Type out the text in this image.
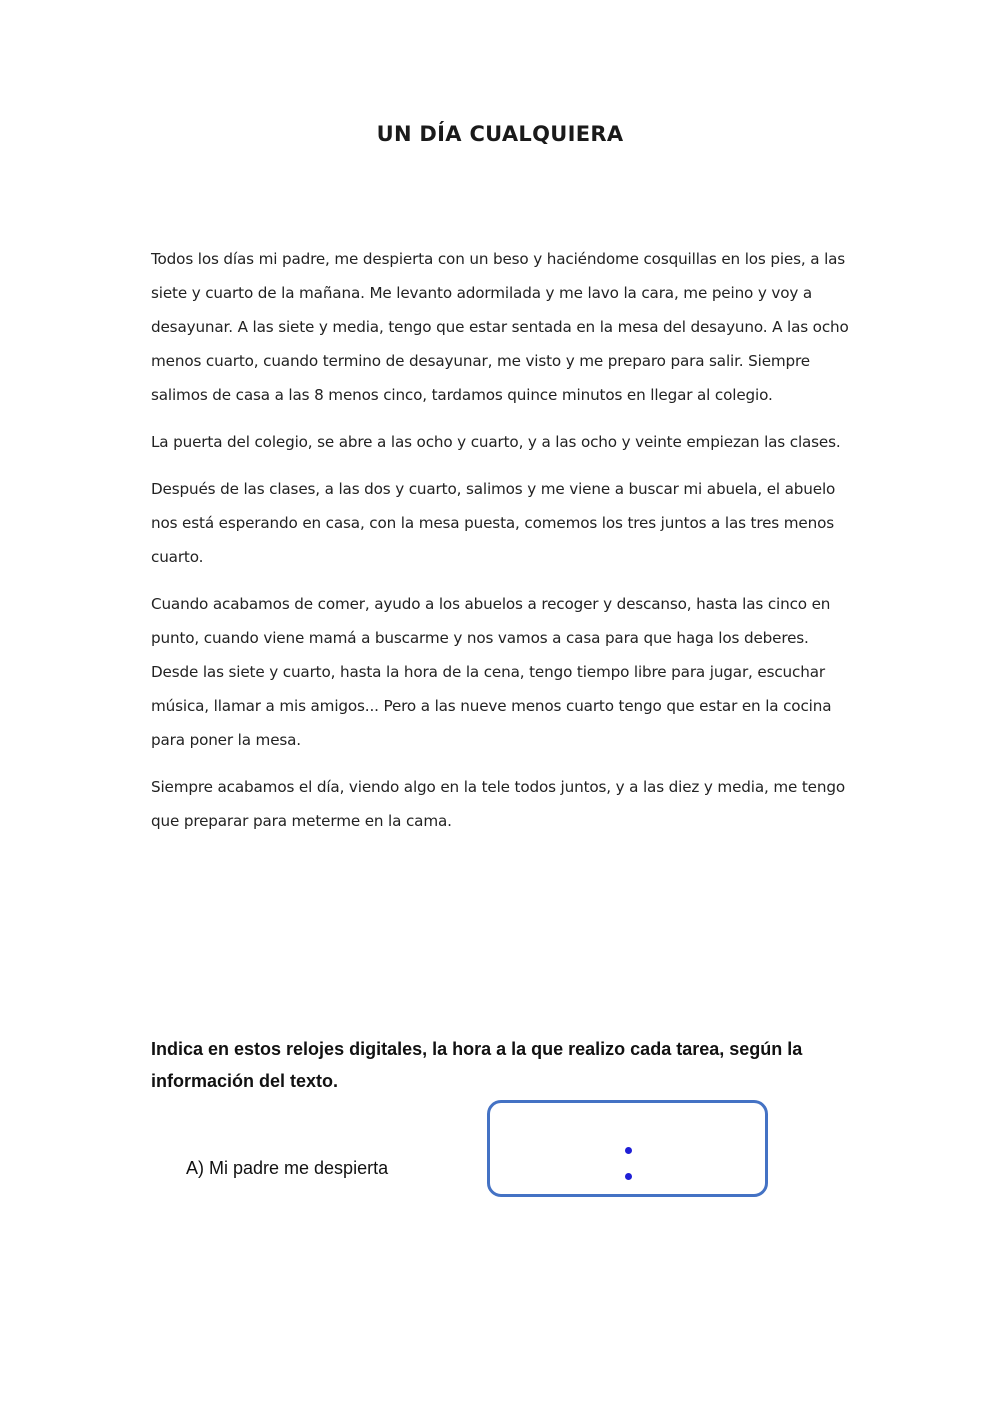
UN DÍA CUALQUIERA

Todos los días mi padre, me despierta con un beso y haciéndome cosquillas en los pies, a las siete y cuarto de la mañana. Me levanto adormilada y me lavo la cara, me peino y voy a desayunar. A las siete y media, tengo que estar sentada en la mesa del desayuno. A las ocho menos cuarto, cuando termino de desayunar, me visto y me preparo para salir. Siempre salimos de casa a las 8 menos cinco, tardamos quince minutos en llegar al colegio.

La puerta del colegio, se abre a las ocho y cuarto, y a las ocho y veinte empiezan las clases.

Después de las clases, a las dos y cuarto, salimos y me viene a buscar mi abuela, el abuelo nos está esperando en casa, con la mesa puesta, comemos los tres juntos a las tres menos cuarto.

Cuando acabamos de comer, ayudo a los abuelos a recoger y descanso, hasta las cinco en punto, cuando viene mamá a buscarme y nos vamos a casa para que haga los deberes. Desde las siete y cuarto, hasta la hora de la cena, tengo tiempo libre para jugar, escuchar música, llamar a mis amigos... Pero a las nueve menos cuarto tengo que estar en la cocina para poner la mesa.

Siempre acabamos el día, viendo algo en la tele todos juntos, y a las diez y media, me tengo que preparar para meterme en la cama.

Indica en estos relojes digitales, la hora a la que realizo cada tarea, según la información del texto.

A) Mi padre me despierta
